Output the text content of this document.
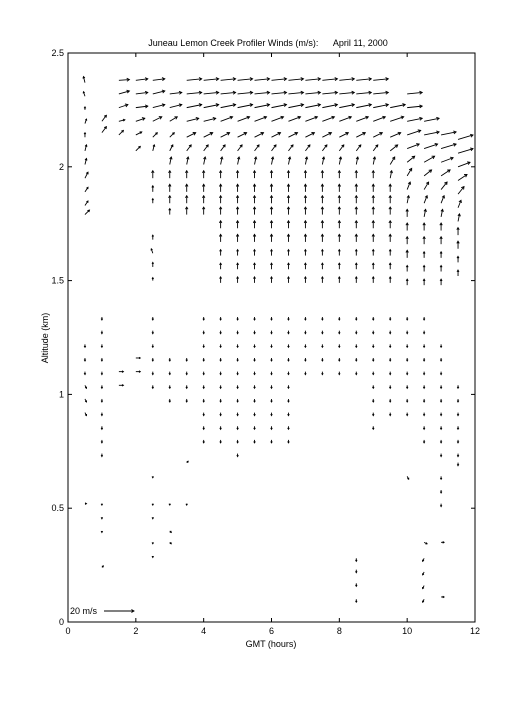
Juneau Lemon Creek Profiler Winds (m/s):      April 11, 2000
0	2	4	6	8	10	12
0
0.5
1
1.5
2
2.5
GMT (hours)
Altitude (km)
20 m/s
